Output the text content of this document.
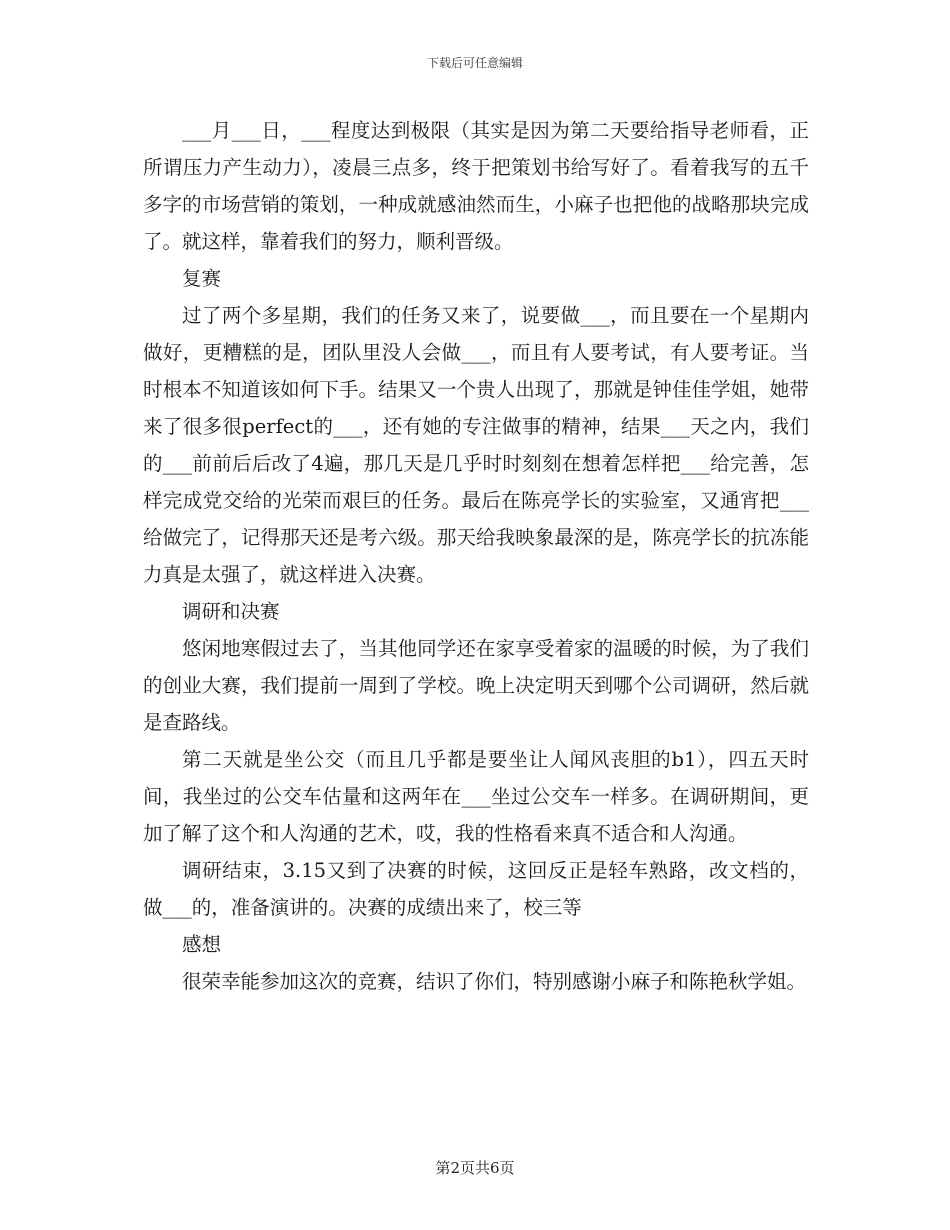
下载后可任意编辑

___月___日，___程度达到极限（其实是因为第二天要给指导老师看，正所谓压力产生动力），凌晨三点多，终于把策划书给写好了。看着我写的五千多字的市场营销的策划，一种成就感油然而生，小麻子也把他的战略那块完成了。就这样，靠着我们的努力，顺利晋级。

复赛

过了两个多星期，我们的任务又来了，说要做___，而且要在一个星期内做好，更糟糕的是，团队里没人会做___，而且有人要考试，有人要考证。当时根本不知道该如何下手。结果又一个贵人出现了，那就是钟佳佳学姐，她带来了很多很perfect的___，还有她的专注做事的精神，结果___天之内，我们的___前前后后改了4遍，那几天是几乎时时刻刻在想着怎样把___给完善，怎样完成党交给的光荣而艰巨的任务。最后在陈亮学长的实验室，又通宵把___给做完了，记得那天还是考六级。那天给我映象最深的是，陈亮学长的抗冻能力真是太强了，就这样进入决赛。

调研和决赛

悠闲地寒假过去了，当其他同学还在家享受着家的温暖的时候，为了我们的创业大赛，我们提前一周到了学校。晚上决定明天到哪个公司调研，然后就是查路线。

第二天就是坐公交（而且几乎都是要坐让人闻风丧胆的b1），四五天时间，我坐过的公交车估量和这两年在___坐过公交车一样多。在调研期间，更加了解了这个和人沟通的艺术，哎，我的性格看来真不适合和人沟通。

调研结束，3.15又到了决赛的时候，这回反正是轻车熟路，改文档的，做___的，准备演讲的。决赛的成绩出来了，校三等

感想

很荣幸能参加这次的竞赛，结识了你们，特别感谢小麻子和陈艳秋学姐。

第2页共6页
